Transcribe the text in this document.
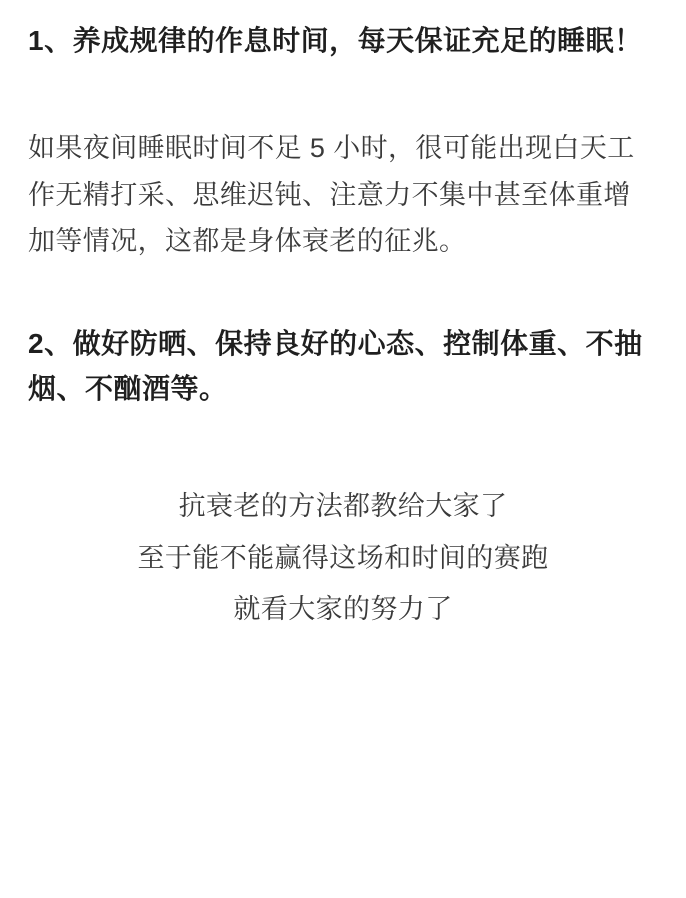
1、养成规律的作息时间，每天保证充足的睡眠！

如果夜间睡眠时间不足 5 小时，很可能出现白天工作无精打采、思维迟钝、注意力不集中甚至体重增加等情况，这都是身体衰老的征兆。

2、做好防晒、保持良好的心态、控制体重、不抽烟、不酗酒等。
抗衰老的方法都教给大家了
至于能不能赢得这场和时间的赛跑
就看大家的努力了
